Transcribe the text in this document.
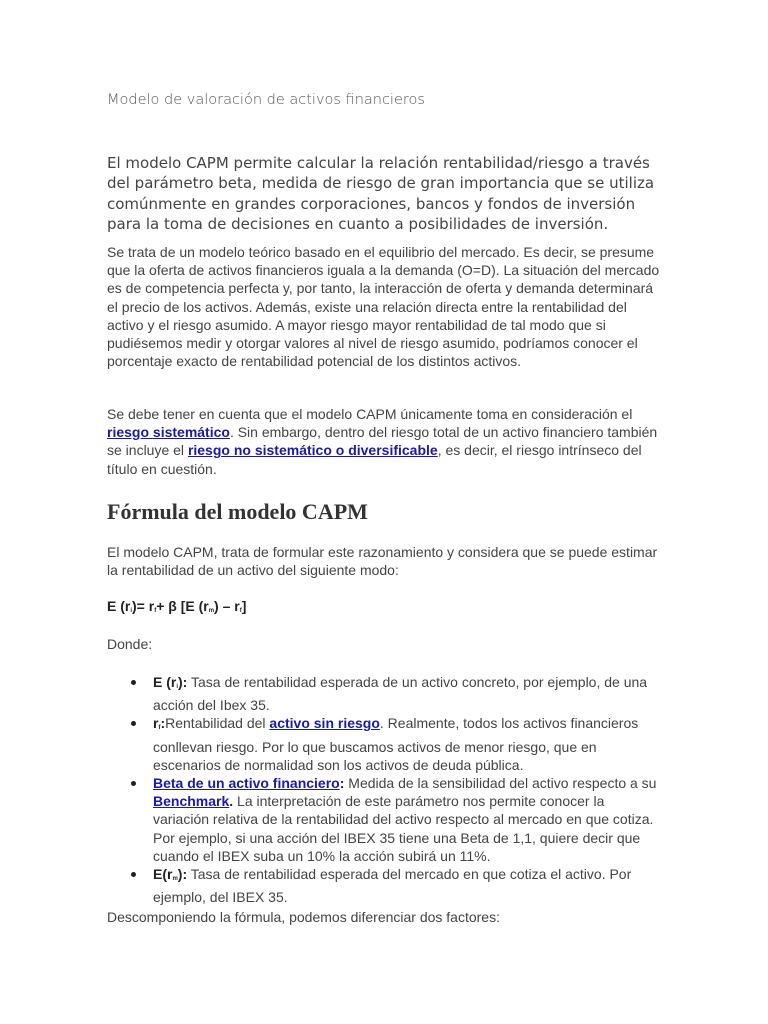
Modelo de valoración de activos financieros

El modelo CAPM permite calcular la relación rentabilidad/riesgo a través del parámetro beta, medida de riesgo de gran importancia que se utiliza comúnmente en grandes corporaciones, bancos y fondos de inversión para la toma de decisiones en cuanto a posibilidades de inversión.

Se trata de un modelo teórico basado en el equilibrio del mercado. Es decir, se presume que la oferta de activos financieros iguala a la demanda (O=D). La situación del mercado es de competencia perfecta y, por tanto, la interacción de oferta y demanda determinará el precio de los activos. Además, existe una relación directa entre la rentabilidad del activo y el riesgo asumido. A mayor riesgo mayor rentabilidad de tal modo que si pudiésemos medir y otorgar valores al nivel de riesgo asumido, podríamos conocer el porcentaje exacto de rentabilidad potencial de los distintos activos.

Se debe tener en cuenta que el modelo CAPM únicamente toma en consideración el riesgo sistemático. Sin embargo, dentro del riesgo total de un activo financiero también se incluye el riesgo no sistemático o diversificable, es decir, el riesgo intrínseco del título en cuestión.

Fórmula del modelo CAPM

El modelo CAPM, trata de formular este razonamiento y considera que se puede estimar la rentabilidad de un activo del siguiente modo:

E $(r_i)= r_f+ \beta$ [E $(r_m) - r_f$]

Donde:

E $(r_i)$: Tasa de rentabilidad esperada de un activo concreto, por ejemplo, de una acción del Ibex 35.
$r_f:Rentabilidad$ del activo sin riesgo. Realmente, todos los activos financieros conllevan riesgo. Por lo que buscamos activos de menor riesgo, que en escenarios de normalidad son los activos de deuda pública.
Beta de un activo financiero: Medida de la sensibilidad del activo respecto a su Benchmark. La interpretación de este parámetro nos permite conocer la variación relativa de la rentabilidad del activo respecto al mercado en que cotiza. Por ejemplo, si una acción del IBEX 35 tiene una Beta de 1,1, quiere decir que cuando el IBEX suba un 10% la acción subirá un 11%.
$E(r_m)$: Tasa de rentabilidad esperada del mercado en que cotiza el activo. Por ejemplo, del IBEX 35.

Descomponiendo la fórmula, podemos diferenciar dos factores:
